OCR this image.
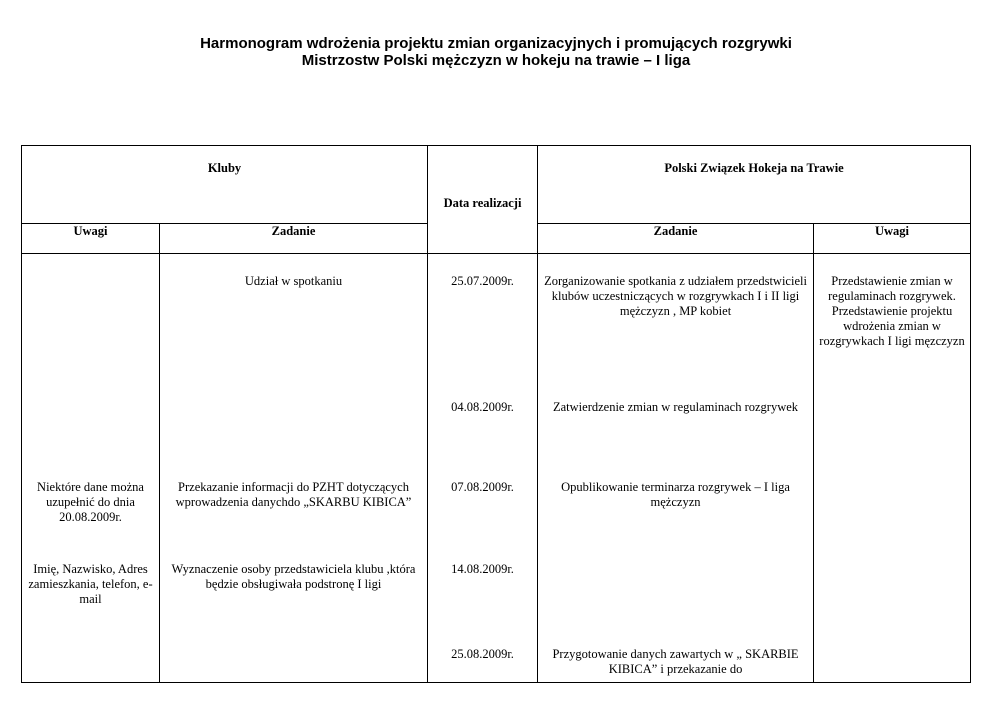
Harmonogram wdrożenia projektu zmian organizacyjnych i promujących rozgrywki
Mistrzostw Polski mężczyzn w hokeju na trawie – I liga
Kluby		Data realizacji	Polski Związek Hokeja na Trawie	
Uwagi	Zadanie		Zadanie	Uwagi
	Udział w spotkaniu	25.07.2009r.	Zorganizowanie spotkania z udziałem przedstwicieli klubów uczestniczących w rozgrywkach I i II ligi mężczyzn , MP kobiet	Przedstawienie zmian w regulaminach rozgrywek. Przedstawienie projektu wdrożenia zmian w rozgrywkach I ligi męzczyzn
		04.08.2009r.	Zatwierdzenie zmian w regulaminach rozgrywek	
Niektóre dane można uzupełnić do dnia 20.08.2009r.	Przekazanie informacji do PZHT dotyczących wprowadzenia danychdo „SKARBU KIBICA”	07.08.2009r.	Opublikowanie terminarza rozgrywek – I liga mężczyzn	
Imię, Nazwisko, Adres zamieszkania, telefon, e-mail	Wyznaczenie osoby przedstawiciela klubu ,która będzie obsługiwała podstronę I ligi	14.08.2009r.		
		25.08.2009r.	Przygotowanie danych zawartych w „ SKARBIE KIBICA” i przekazanie do	
